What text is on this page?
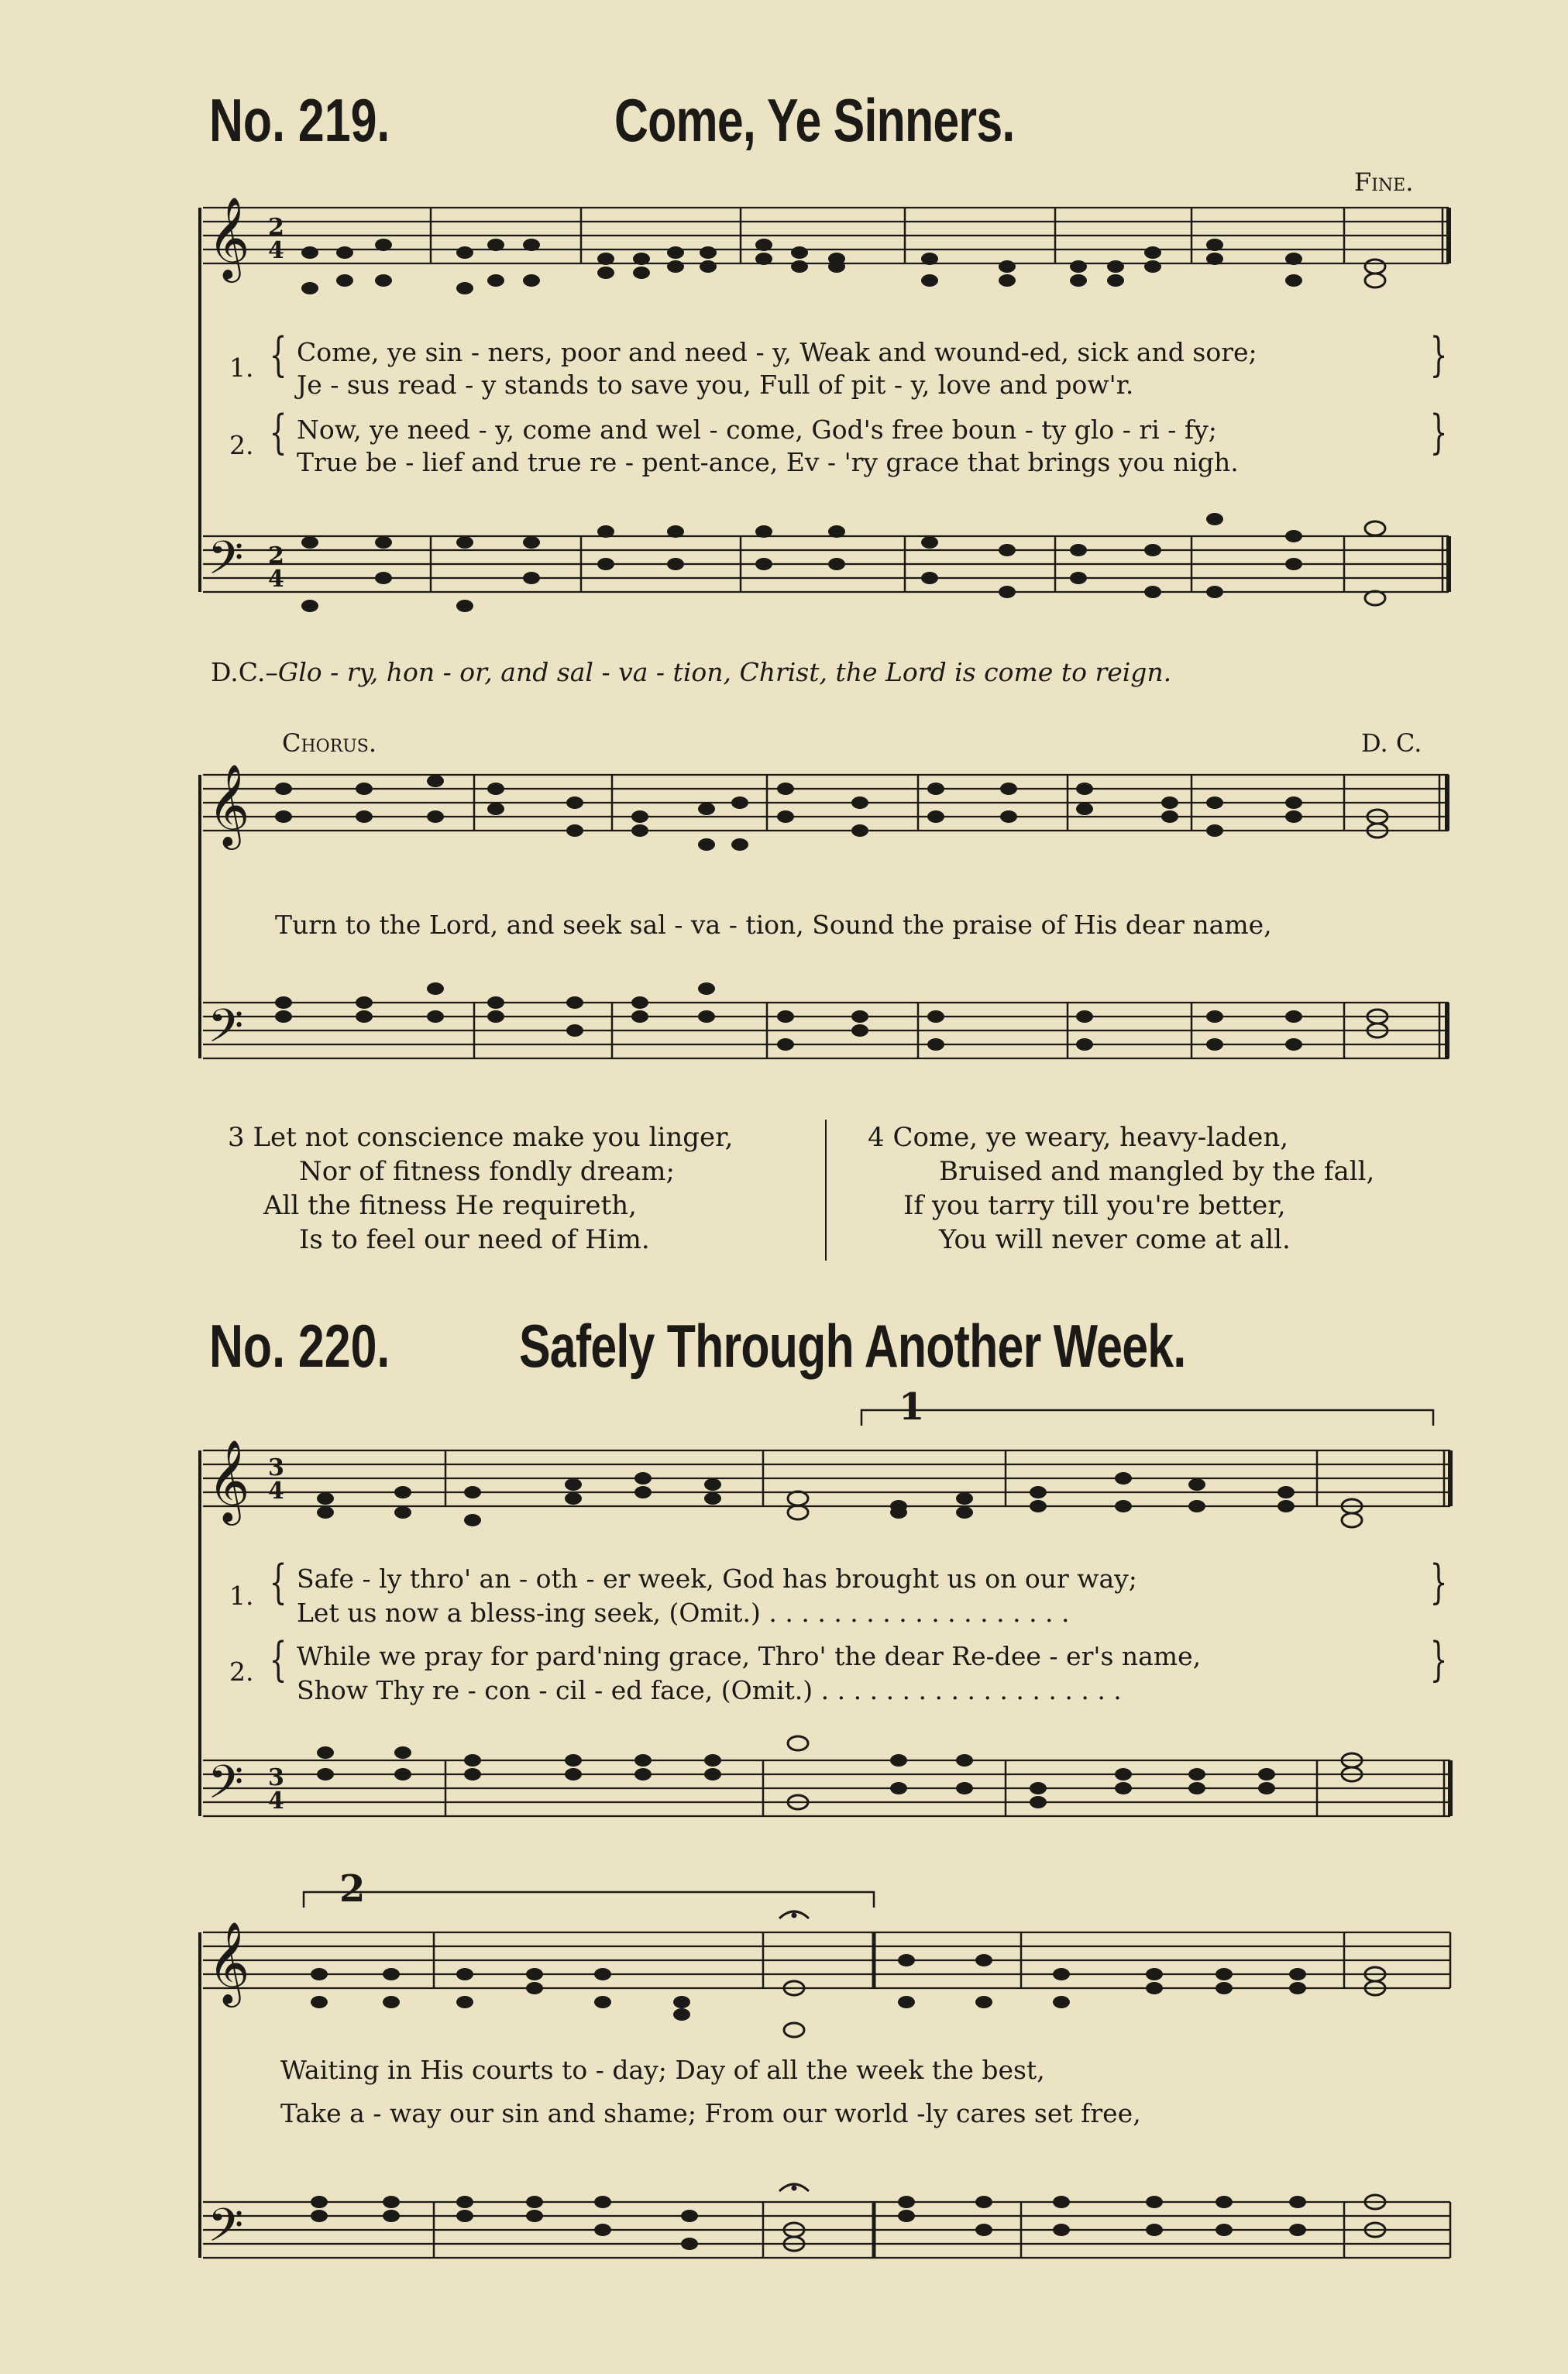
No. 219.	Come, Ye Sinners.
Fine.
𝄞 2
4
𝄢 2
4
𝄞
𝄢
𝄞 3
4
𝄢 3
4
𝄞
𝄢
1. { Come, ye sin - ners, poor and need - y, Weak and wound-ed, sick and sore;
Je - sus read - y stands to save you, Full of pit - y, love and pow'r.
}
2. { Now, ye need - y, come and wel - come, God's free boun - ty glo - ri - fy;
True be - lief and true re - pent-ance, Ev - 'ry grace that brings you nigh.
}
D.C.–Glo - ry, hon - or, and sal - va - tion, Christ, the Lord is come to reign.
Chorus.	D. C.
Turn to the Lord, and seek sal - va - tion, Sound the praise of His dear name,
3 Let not conscience make you linger,
Nor of fitness fondly dream;
All the fitness He requireth,
Is to feel our need of Him.
4 Come, ye weary, heavy-laden,
Bruised and mangled by the fall,
If you tarry till you're better,
You will never come at all.
No. 220. Safely Through Another Week.
1
2
1. { Safe - ly thro' an - oth - er week, God has brought us on our way;
Let us now a bless-ing seek, (Omit.) . . . . . . . . . . . . . . . . . . .
}
2. { While we pray for pard'ning grace, Thro' the dear Re-dee - er's name,
Show Thy re - con - cil - ed face, (Omit.) . . . . . . . . . . . . . . . . . . .
}
Waiting in His courts to - day; Day of all the week the best,
Take a - way our sin and shame; From our world -ly cares set free,
